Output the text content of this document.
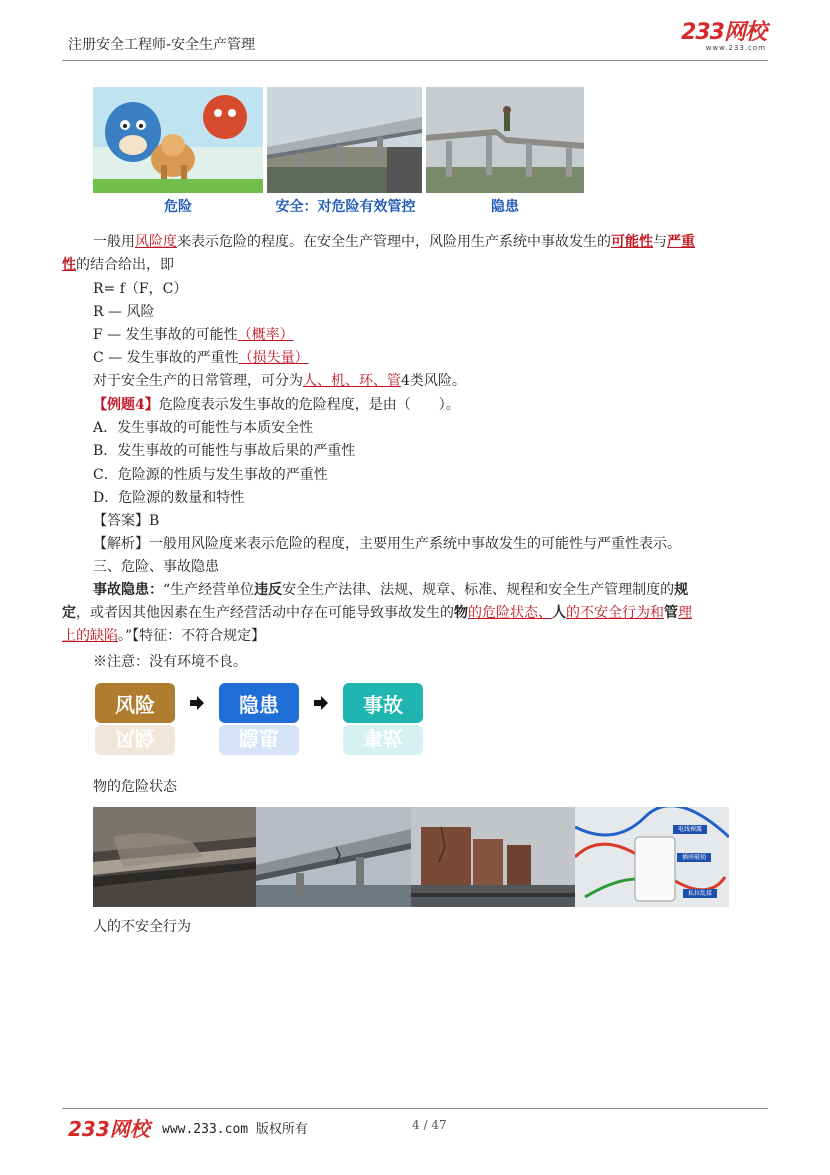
注册安全工程师-安全生产管理	233网校
www.233.com
危险	安全：对危险有效管控	隐患
一般用风险度来表示危险的程度。在安全生产管理中，风险用生产系统中事故发生的可能性与严重
性的结合给出，即
R= f（F，C）
R — 风险
F — 发生事故的可能性（概率）
C — 发生事故的严重性（损失量）
对于安全生产的日常管理，可分为人、机、环、管4类风险。
【例题4】危险度表示发生事故的危险程度，是由（　　）。
A．发生事故的可能性与本质安全性
B．发生事故的可能性与事故后果的严重性
C．危险源的性质与发生事故的严重性
D．危险源的数量和特性
【答案】B
【解析】一般用风险度来表示危险的程度，主要用生产系统中事故发生的可能性与严重性表示。
三、危险、事故隐患
事故隐患：“生产经营单位违反安全生产法律、法规、规章、标准、规程和安全生产管理制度的规
定，或者因其他因素在生产经营活动中存在可能导致事故发生的物的危险状态、人的不安全行为和管理
上的缺陷。”【特征：不符合规定】
※注意：没有环境不良。
风险
风险
隐患
隐患
事故
事故
物的危险状态
电线裸露
插座破损
私拉乱接
人的不安全行为
233网校 www.233.com 版权所有	4 / 47
